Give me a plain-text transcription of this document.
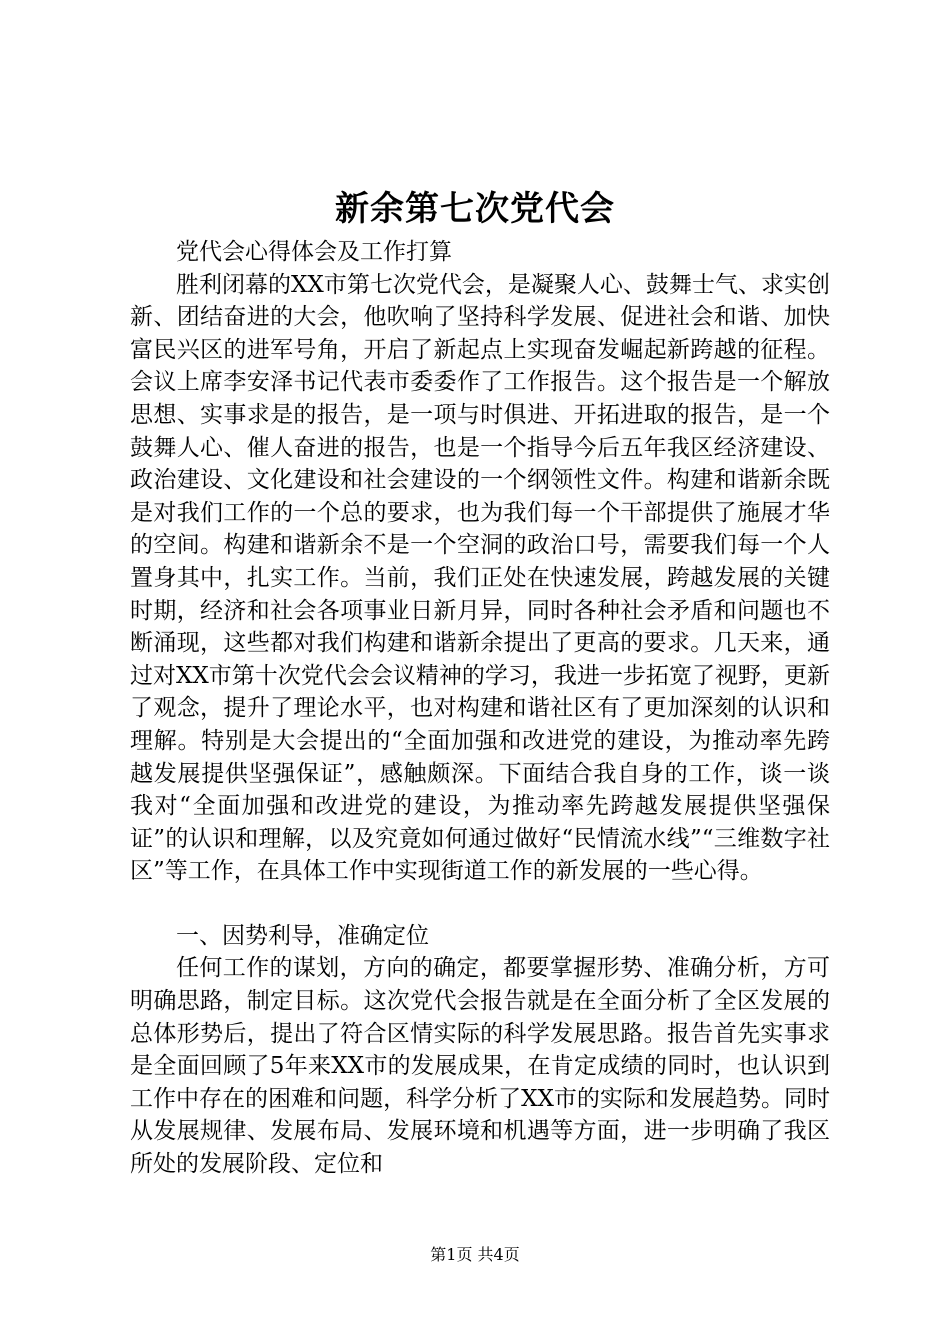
新余第七次党代会

党代会心得体会及工作打算

胜利闭幕的XX市第七次党代会，是凝聚人心、鼓舞士气、求实创新、团结奋进的大会，他吹响了坚持科学发展、促进社会和谐、加快富民兴区的进军号角，开启了新起点上实现奋发崛起新跨越的征程。会议上席李安泽书记代表市委委作了工作报告。这个报告是一个解放思想、实事求是的报告，是一项与时俱进、开拓进取的报告，是一个鼓舞人心、催人奋进的报告，也是一个指导今后五年我区经济建设、政治建设、文化建设和社会建设的一个纲领性文件。构建和谐新余既是对我们工作的一个总的要求，也为我们每一个干部提供了施展才华的空间。构建和谐新余不是一个空洞的政治口号，需要我们每一个人置身其中，扎实工作。当前，我们正处在快速发展，跨越发展的关键时期，经济和社会各项事业日新月异，同时各种社会矛盾和问题也不断涌现，这些都对我们构建和谐新余提出了更高的要求。几天来，通过对XX市第十次党代会会议精神的学习，我进一步拓宽了视野，更新了观念，提升了理论水平，也对构建和谐社区有了更加深刻的认识和理解。特别是大会提出的“全面加强和改进党的建设，为推动率先跨越发展提供坚强保证”，感触颇深。下面结合我自身的工作，谈一谈我对“全面加强和改进党的建设，为推动率先跨越发展提供坚强保证”的认识和理解，以及究竟如何通过做好“民情流水线”“三维数字社区”等工作，在具体工作中实现街道工作的新发展的一些心得。

一、因势利导，准确定位

任何工作的谋划，方向的确定，都要掌握形势、准确分析，方可明确思路，制定目标。这次党代会报告就是在全面分析了全区发展的总体形势后，提出了符合区情实际的科学发展思路。报告首先实事求是全面回顾了5年来XX市的发展成果，在肯定成绩的同时，也认识到工作中存在的困难和问题，科学分析了XX市的实际和发展趋势。同时从发展规律、发展布局、发展环境和机遇等方面，进一步明确了我区所处的发展阶段、定位和

第1页 共4页
